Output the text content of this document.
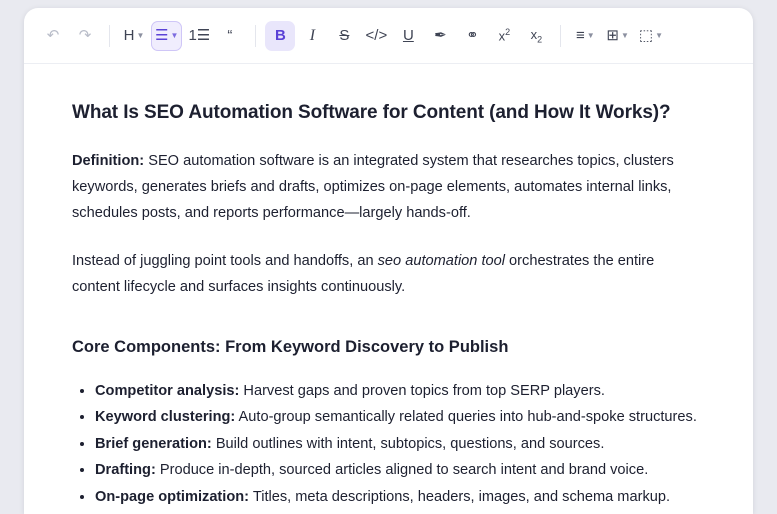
↶ ↷ H ▼ ☰ ▼ 1☰ “ 	B I S </> U ✒ ⚭ $x^2$ $x_2$ ≡ ▼ ⊞ ▼ ⬚ ▼
What Is SEO Automation Software for Content (and How It Works)?

Definition: SEO automation software is an integrated system that researches topics, clusters keywords, generates briefs and drafts, optimizes on-page elements, automates internal links, schedules posts, and reports performance—largely hands-off.

Instead of juggling point tools and handoffs, an seo automation tool orchestrates the entire content lifecycle and surfaces insights continuously.

Core Components: From Keyword Discovery to Publish
• Competitor analysis: Harvest gaps and proven topics from top SERP players.
• Keyword clustering: Auto-group semantically related queries into hub-and-spoke structures.
• Brief generation: Build outlines with intent, subtopics, questions, and sources.
• Drafting: Produce in-depth, sourced articles aligned to search intent and brand voice.
• On-page optimization: Titles, meta descriptions, headers, images, and schema markup.
